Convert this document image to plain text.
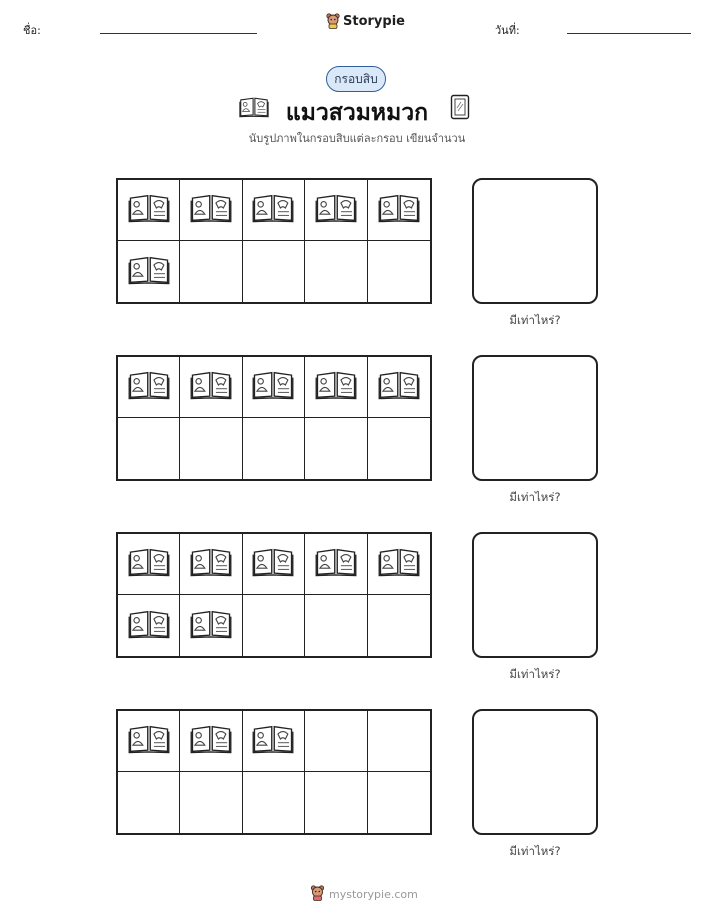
ชื่อ:
Storypie
วันที่:
กรอบสิบ
แมวสวมหมวก
นับรูปภาพในกรอบสิบแต่ละกรอบ เขียนจำนวน
มีเท่าไหร่?
มีเท่าไหร่?
มีเท่าไหร่?
มีเท่าไหร่?
mystorypie.com
